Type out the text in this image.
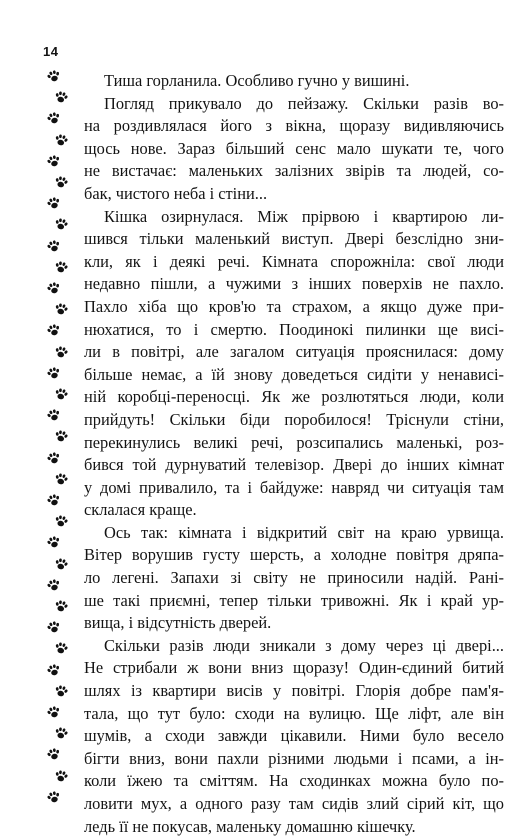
14
Тиша горланила. Особливо гучно у вишині.
Погляд прикувало до пейзажу. Скільки разів во-
на роздивлялася його з вікна, щоразу видивляючись
щось нове. Зараз більший сенс мало шукати те, чого
не вистачає: маленьких залізних звірів та людей, со-
бак, чистого неба і стіни...
Кішка озирнулася. Між прірвою і квартирою ли-
шився тільки маленький виступ. Двері безслідно зни-
кли, як і деякі речі. Кімната спорожніла: свої люди
недавно пішли, а чужими з інших поверхів не пахло.
Пахло хіба що кров'ю та страхом, а якщо дуже при-
нюхатися, то і смертю. Поодинокі пилинки ще висі-
ли в повітрі, але загалом ситуація прояснилася: дому
більше немає, а їй знову доведеться сидіти у ненависі-
ній коробці-переносці. Як же розлютяться люди, коли
прийдуть! Скільки біди поробилося! Тріснули стіни,
перекинулись великі речі, розсипались маленькі, роз-
бився той дурнуватий телевізор. Двері до інших кімнат
у домі привалило, та і байдуже: навряд чи ситуація там
склалася краще.
Ось так: кімната і відкритий світ на краю урвища.
Вітер ворушив густу шерсть, а холодне повітря дряпа-
ло легені. Запахи зі світу не приносили надій. Рані-
ше такі приємні, тепер тільки тривожні. Як і край ур-
вища, і відсутність дверей.
Скільки разів люди зникали з дому через ці двері...
Не стрибали ж вони вниз щоразу! Один-єдиний битий
шлях із квартири висів у повітрі. Глорія добре пам'я-
тала, що тут було: сходи на вулицю. Ще ліфт, але він
шумів, а сходи завжди цікавили. Ними було весело
бігти вниз, вони пахли різними людьми і псами, а ін-
коли їжею та сміттям. На сходинках можна було по-
ловити мух, а одного разу там сидів злий сірий кіт, що
ледь її не покусав, маленьку домашню кішечку.
